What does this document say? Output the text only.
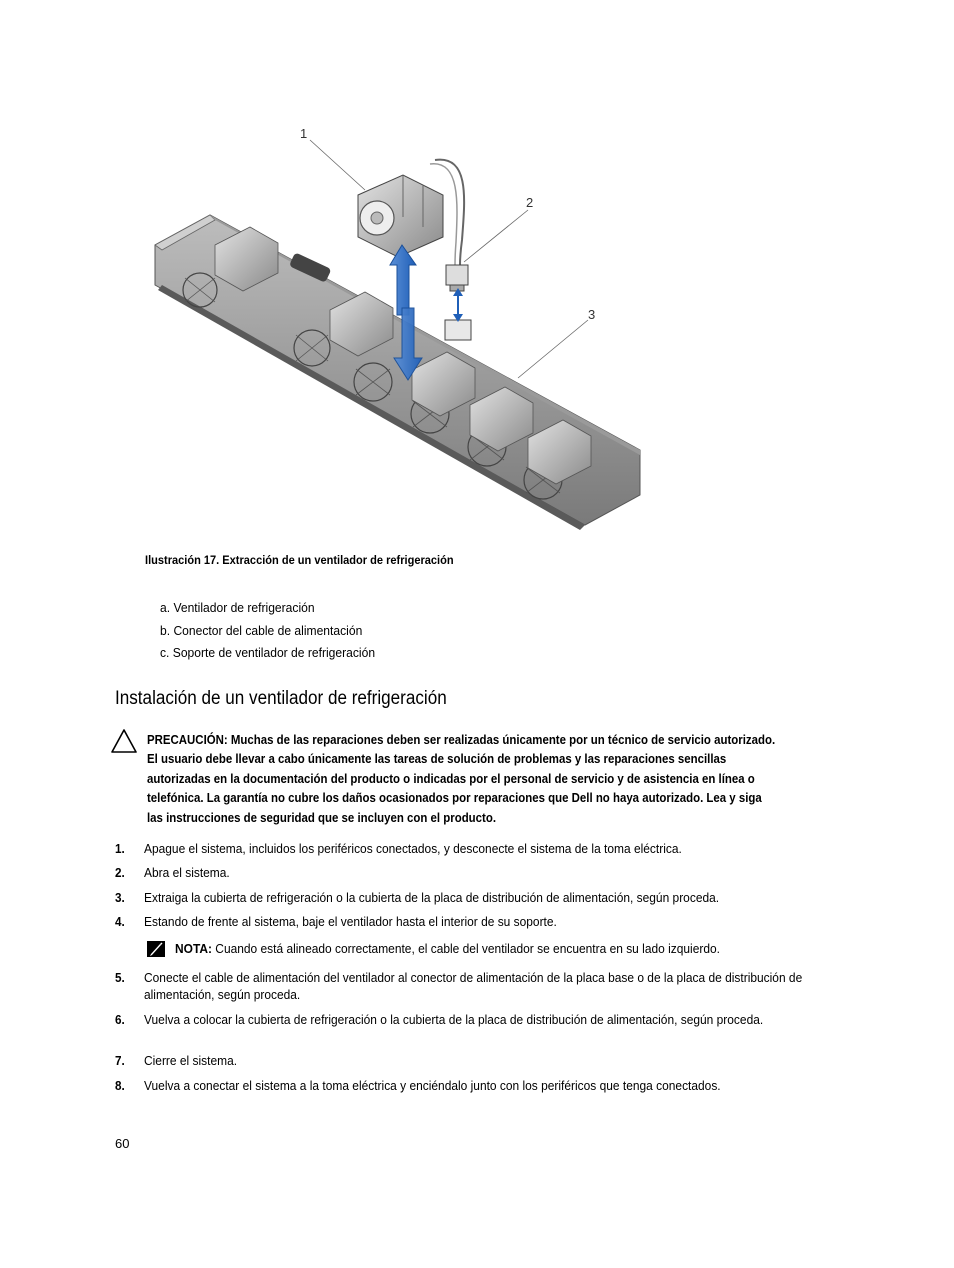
1
2
3
Ilustración 17. Extracción de un ventilador de refrigeración
a. Ventilador de refrigeración
b. Conector del cable de alimentación
c. Soporte de ventilador de refrigeración
Instalación de un ventilador de refrigeración
PRECAUCIÓN: Muchas de las reparaciones deben ser realizadas únicamente por un técnico de servicio autorizado. El usuario debe llevar a cabo únicamente las tareas de solución de problemas y las reparaciones sencillas autorizadas en la documentación del producto o indicadas por el personal de servicio y de asistencia en línea o telefónica. La garantía no cubre los daños ocasionados por reparaciones que Dell no haya autorizado. Lea y siga las instrucciones de seguridad que se incluyen con el producto.
1. Apague el sistema, incluidos los periféricos conectados, y desconecte el sistema de la toma eléctrica.
2. Abra el sistema.
3. Extraiga la cubierta de refrigeración o la cubierta de la placa de distribución de alimentación, según proceda.
4. Estando de frente al sistema, baje el ventilador hasta el interior de su soporte.
5. Conecte el cable de alimentación del ventilador al conector de alimentación de la placa base o de la placa de distribución de alimentación, según proceda.
6. Vuelva a colocar la cubierta de refrigeración o la cubierta de la placa de distribución de alimentación, según proceda.
7. Cierre el sistema.
8. Vuelva a conectar el sistema a la toma eléctrica y enciéndalo junto con los periféricos que tenga conectados.
NOTA: Cuando está alineado correctamente, el cable del ventilador se encuentra en su lado izquierdo.
60
